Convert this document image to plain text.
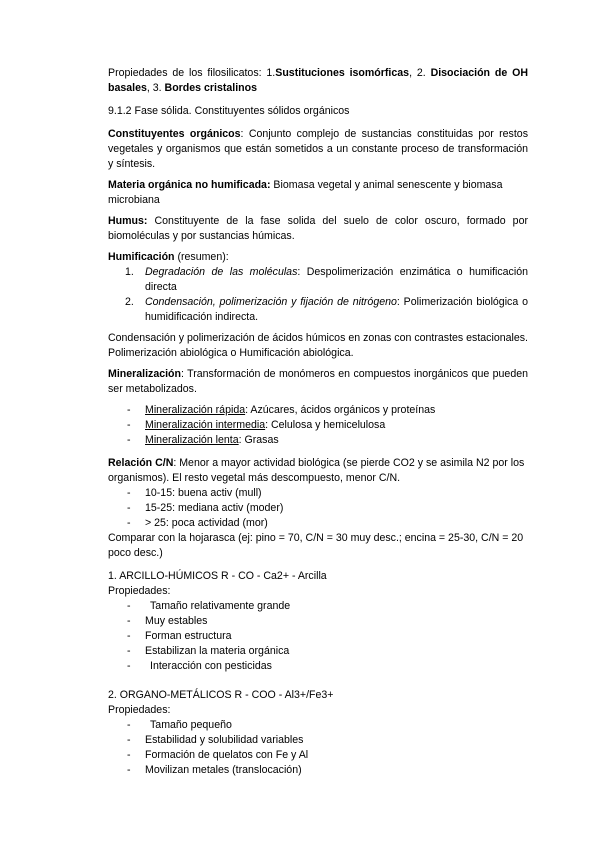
Propiedades de los filosilicatos: 1.Sustituciones isomórficas, 2. Disociación de OH basales, 3. Bordes cristalinos

9.1.2 Fase sólida. Constituyentes sólidos orgánicos

Constituyentes orgánicos: Conjunto complejo de sustancias constituidas por restos vegetales y organismos que están sometidos a un constante proceso de transformación y síntesis.

Materia orgánica no humificada: Biomasa vegetal y animal senescente y biomasa microbiana

Humus: Constituyente de la fase solida del suelo de color oscuro, formado por biomoléculas y por sustancias húmicas.

Humificación (resumen):

1. Degradación de las moléculas: Despolimerización enzimática o humificación directa
2. Condensación, polimerización y fijación de nitrógeno: Polimerización biológica o humidificación indirecta.

Condensación y polimerización de ácidos húmicos en zonas con contrastes estacionales. Polimerización abiológica o Humificación abiológica.

Mineralización: Transformación de monómeros en compuestos inorgánicos que pueden ser metabolizados.

- Mineralización rápida: Azúcares, ácidos orgánicos y proteínas
- Mineralización intermedia: Celulosa y hemicelulosa
- Mineralización lenta: Grasas

Relación C/N: Menor a mayor actividad biológica (se pierde CO2 y se asimila N2 por los organismos). El resto vegetal más descompuesto, menor C/N.

- 10-15: buena activ (mull)
- 15-25: mediana activ (moder)
- > 25: poca actividad (mor)

Comparar con la hojarasca (ej: pino = 70, C/N = 30 muy desc.; encina = 25-30, C/N = 20 poco desc.)

1. ARCILLO-HÚMICOS R - CO - Ca2+ - Arcilla

Propiedades:

- Tamaño relativamente grande
- Muy estables
- Forman estructura
- Estabilizan la materia orgánica
- Interacción con pesticidas

2. ORGANO-METÁLICOS R - COO - Al3+/Fe3+

Propiedades:

- Tamaño pequeño
- Estabilidad y solubilidad variables
- Formación de quelatos con Fe y Al
- Movilizan metales (translocación)
